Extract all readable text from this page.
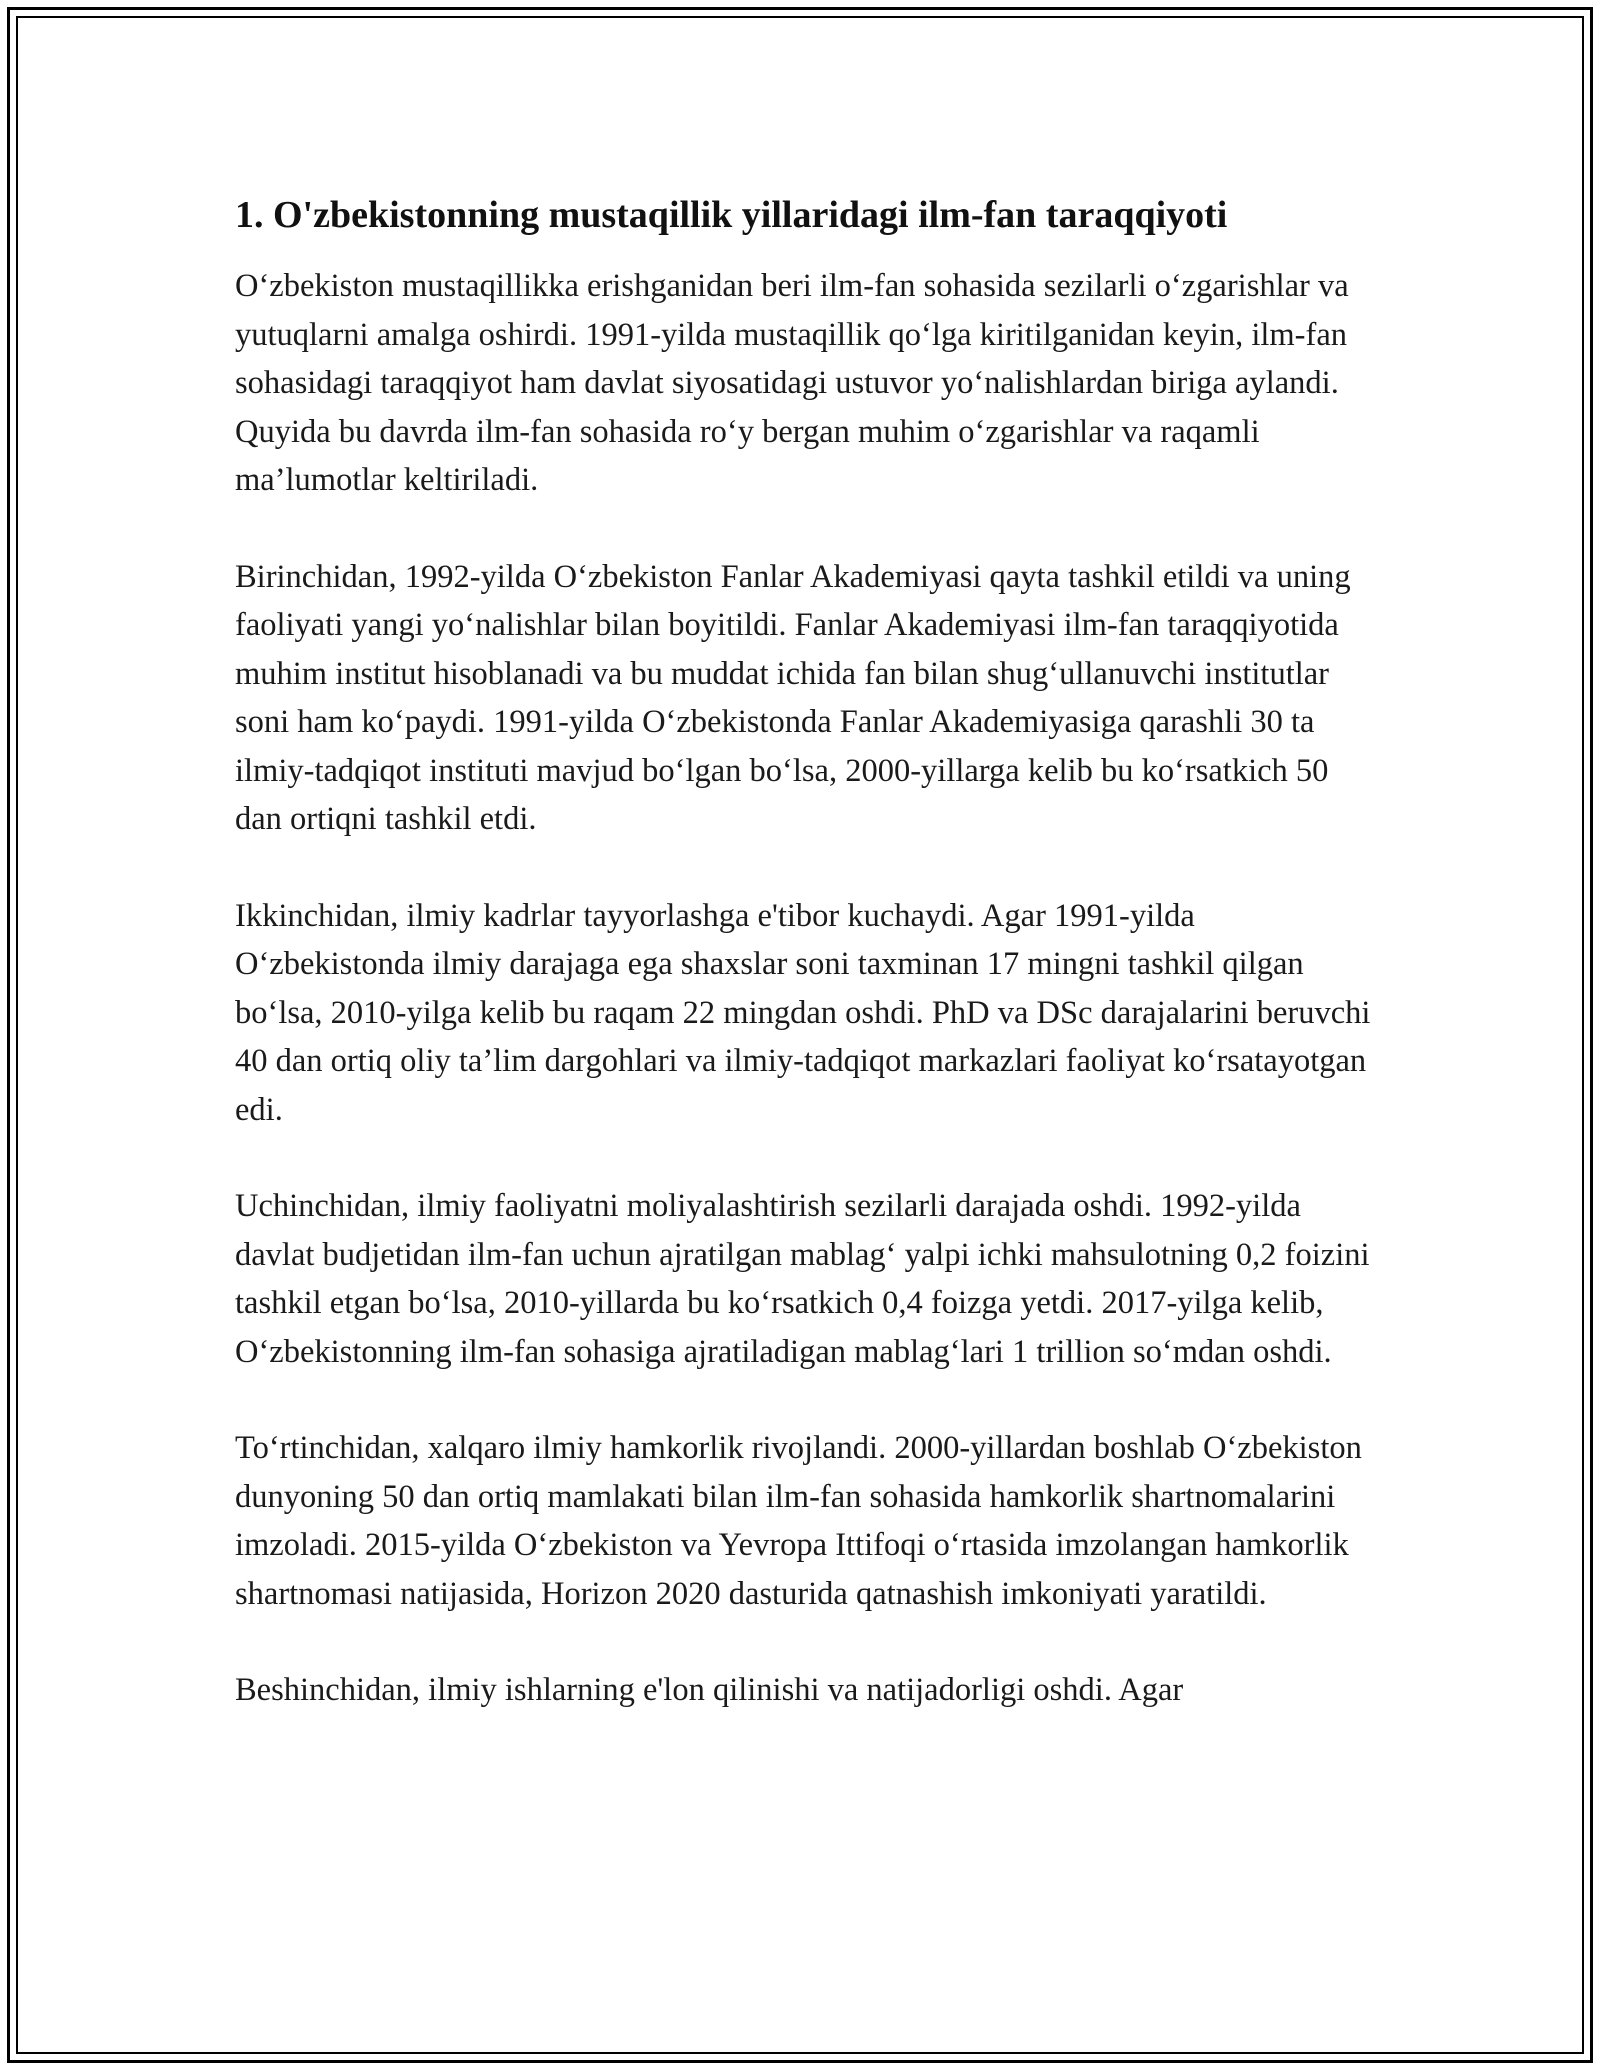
1. O'zbekistonning mustaqillik yillaridagi ilm-fan taraqqiyoti

O‘zbekiston mustaqillikka erishganidan beri ilm-fan sohasida sezilarli o‘zgarishlar va yutuqlarni amalga oshirdi. 1991-yilda mustaqillik qo‘lga kiritilganidan keyin, ilm-fan sohasidagi taraqqiyot ham davlat siyosatidagi ustuvor yo‘nalishlardan biriga aylandi. Quyida bu davrda ilm-fan sohasida ro‘y bergan muhim o‘zgarishlar va raqamli ma’lumotlar keltiriladi.

Birinchidan, 1992-yilda O‘zbekiston Fanlar Akademiyasi qayta tashkil etildi va uning faoliyati yangi yo‘nalishlar bilan boyitildi. Fanlar Akademiyasi ilm-fan taraqqiyotida muhim institut hisoblanadi va bu muddat ichida fan bilan shug‘ullanuvchi institutlar soni ham ko‘paydi. 1991-yilda O‘zbekistonda Fanlar Akademiyasiga qarashli 30 ta ilmiy-tadqiqot instituti mavjud bo‘lgan bo‘lsa, 2000-yillarga kelib bu ko‘rsatkich 50 dan ortiqni tashkil etdi.

Ikkinchidan, ilmiy kadrlar tayyorlashga e'tibor kuchaydi. Agar 1991-yilda O‘zbekistonda ilmiy darajaga ega shaxslar soni taxminan 17 mingni tashkil qilgan bo‘lsa, 2010-yilga kelib bu raqam 22 mingdan oshdi. PhD va DSc darajalarini beruvchi 40 dan ortiq oliy ta’lim dargohlari va ilmiy-tadqiqot markazlari faoliyat ko‘rsatayotgan edi.

Uchinchidan, ilmiy faoliyatni moliyalashtirish sezilarli darajada oshdi. 1992-yilda davlat budjetidan ilm-fan uchun ajratilgan mablag‘ yalpi ichki mahsulotning 0,2 foizini tashkil etgan bo‘lsa, 2010-yillarda bu ko‘rsatkich 0,4 foizga yetdi. 2017-yilga kelib, O‘zbekistonning ilm-fan sohasiga ajratiladigan mablag‘lari 1 trillion so‘mdan oshdi.

To‘rtinchidan, xalqaro ilmiy hamkorlik rivojlandi. 2000-yillardan boshlab O‘zbekiston dunyoning 50 dan ortiq mamlakati bilan ilm-fan sohasida hamkorlik shartnomalarini imzoladi. 2015-yilda O‘zbekiston va Yevropa Ittifoqi o‘rtasida imzolangan hamkorlik shartnomasi natijasida, Horizon 2020 dasturida qatnashish imkoniyati yaratildi.

Beshinchidan, ilmiy ishlarning e'lon qilinishi va natijadorligi oshdi. Agar
